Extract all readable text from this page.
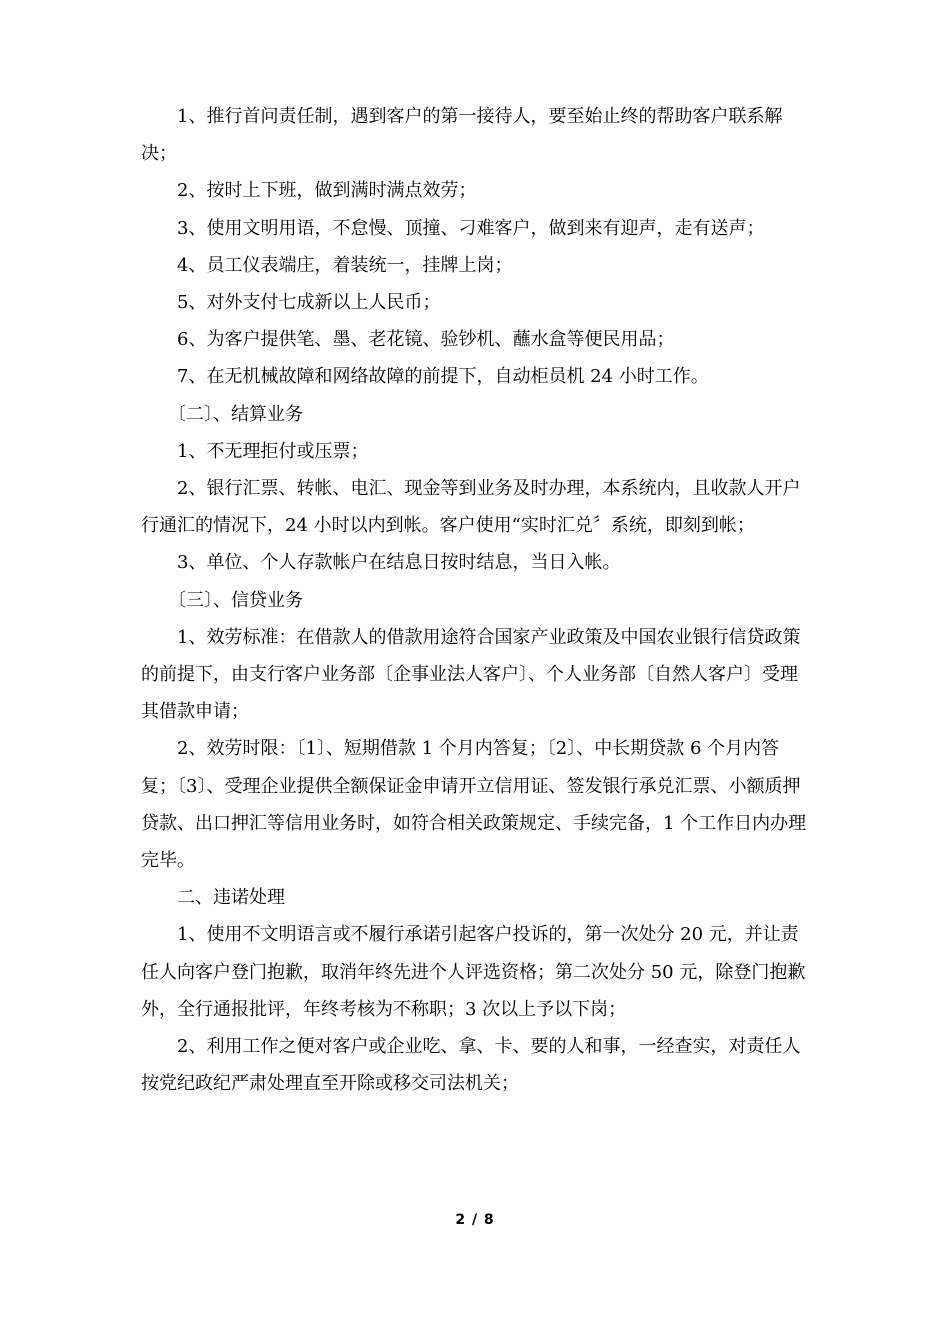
1、推行首问责任制，遇到客户的第一接待人，要至始止终的帮助客户联系解决；

2、按时上下班，做到满时满点效劳；

3、使用文明用语，不怠慢、顶撞、刁难客户，做到来有迎声，走有送声；

4、员工仪表端庄，着装统一，挂牌上岗；

5、对外支付七成新以上人民币；

6、为客户提供笔、墨、老花镜、验钞机、蘸水盒等便民用品；

7、在无机械故障和网络故障的前提下，自动柜员机 24 小时工作。

〔二〕、结算业务

1、不无理拒付或压票；

2、银行汇票、转帐、电汇、现金等到业务及时办理，本系统内，且收款人开户行通汇的情况下，24 小时以内到帐。客户使用“实时汇兑〞系统，即刻到帐；

3、单位、个人存款帐户在结息日按时结息，当日入帐。

〔三〕、信贷业务

1、效劳标准：在借款人的借款用途符合国家产业政策及中国农业银行信贷政策的前提下，由支行客户业务部〔企事业法人客户〕、个人业务部〔自然人客户〕受理其借款申请；

2、效劳时限：〔1〕、短期借款 1 个月内答复；〔2〕、中长期贷款 6 个月内答复；〔3〕、受理企业提供全额保证金申请开立信用证、签发银行承兑汇票、小额质押贷款、出口押汇等信用业务时，如符合相关政策规定、手续完备，1 个工作日内办理完毕。

二、违诺处理

1、使用不文明语言或不履行承诺引起客户投诉的，第一次处分 20 元，并让责任人向客户登门抱歉，取消年终先进个人评选资格；第二次处分 50 元，除登门抱歉外，全行通报批评，年终考核为不称职；3 次以上予以下岗；

2、利用工作之便对客户或企业吃、拿、卡、要的人和事，一经查实，对责任人按党纪政纪严肃处理直至开除或移交司法机关；

2 / 8
